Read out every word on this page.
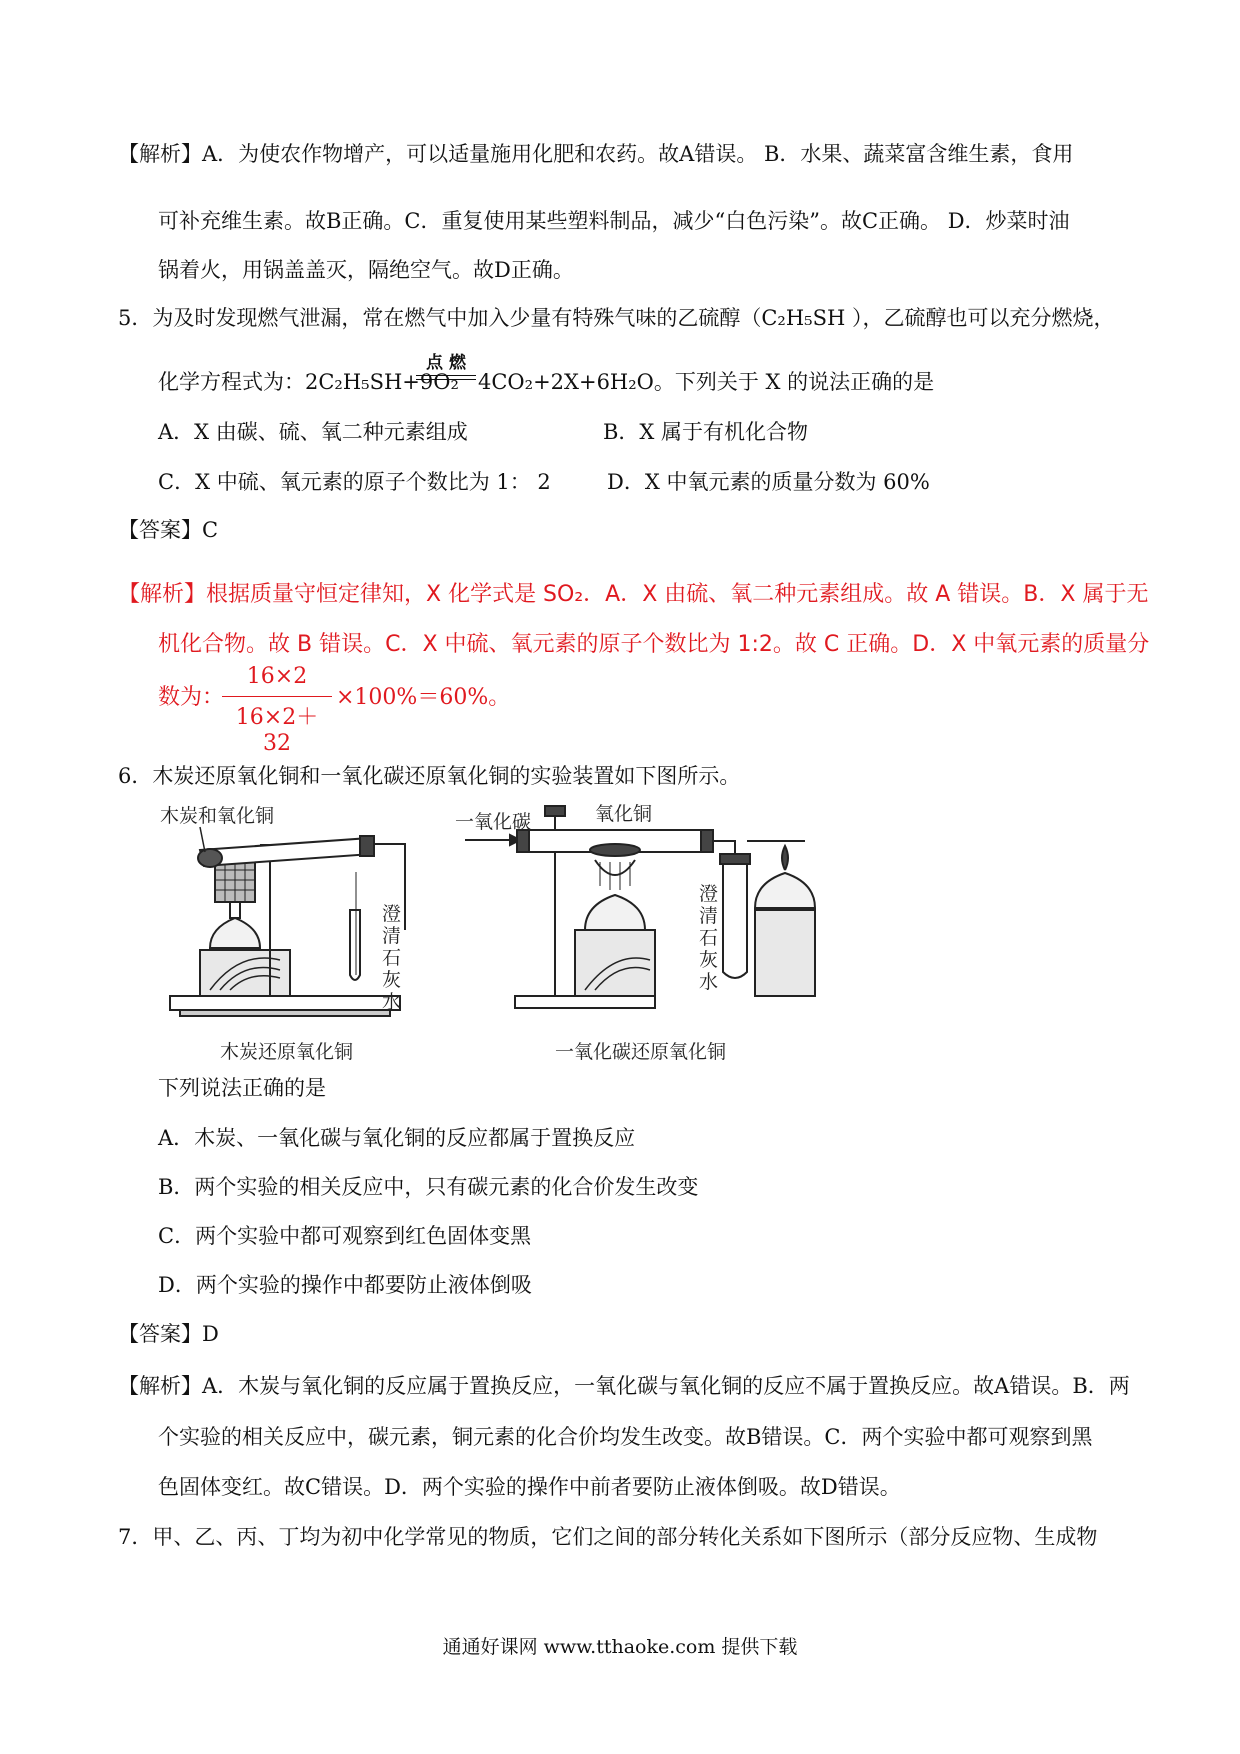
【解析】A．为使农作物增产，可以适量施用化肥和农药。故A错误。 B．水果、蔬菜富含维生素，食用
可补充维生素。故B正确。C．重复使用某些塑料制品，减少“白色污染”。故C正确。 D．炒菜时油
锅着火，用锅盖盖灭，隔绝空气。故D正确。
5．为及时发现燃气泄漏，常在燃气中加入少量有特殊气味的乙硫醇（C₂H₅SH ），乙硫醇也可以充分燃烧，
化学方程式为：2C₂H₅SH+9O₂
点 燃
4CO₂+2X+6H₂O。下列关于 X 的说法正确的是
A．X 由碳、硫、氧二种元素组成	B．X 属于有机化合物
C．X 中硫、氧元素的原子个数比为 1： 2	D．X 中氧元素的质量分数为 60%
【答案】C
【解析】根据质量守恒定律知，X 化学式是 SO₂．A．X 由硫、氧二种元素组成。故 A 错误。B．X 属于无
机化合物。故 B 错误。C．X 中硫、氧元素的原子个数比为 1:2。故 C 正确。D．X 中氧元素的质量分
数为：
16×2
16×2＋32
×100%＝60%。
6．木炭还原氧化铜和一氧化碳还原氧化铜的实验装置如下图所示。
木炭和氧化铜
澄
清
石
灰
水
木炭还原氧化铜
一氧化碳	氧化铜
澄
清
石
灰
水
一氧化碳还原氧化铜
下列说法正确的是
A．木炭、一氧化碳与氧化铜的反应都属于置换反应
B．两个实验的相关反应中，只有碳元素的化合价发生改变
C．两个实验中都可观察到红色固体变黑
D．两个实验的操作中都要防止液体倒吸
【答案】D
【解析】A．木炭与氧化铜的反应属于置换反应，一氧化碳与氧化铜的反应不属于置换反应。故A错误。B．两
个实验的相关反应中，碳元素，铜元素的化合价均发生改变。故B错误。C．两个实验中都可观察到黑
色固体变红。故C错误。D．两个实验的操作中前者要防止液体倒吸。故D错误。
7．甲、乙、丙、丁均为初中化学常见的物质，它们之间的部分转化关系如下图所示（部分反应物、生成物
通通好课网 www.tthaoke.com 提供下载
